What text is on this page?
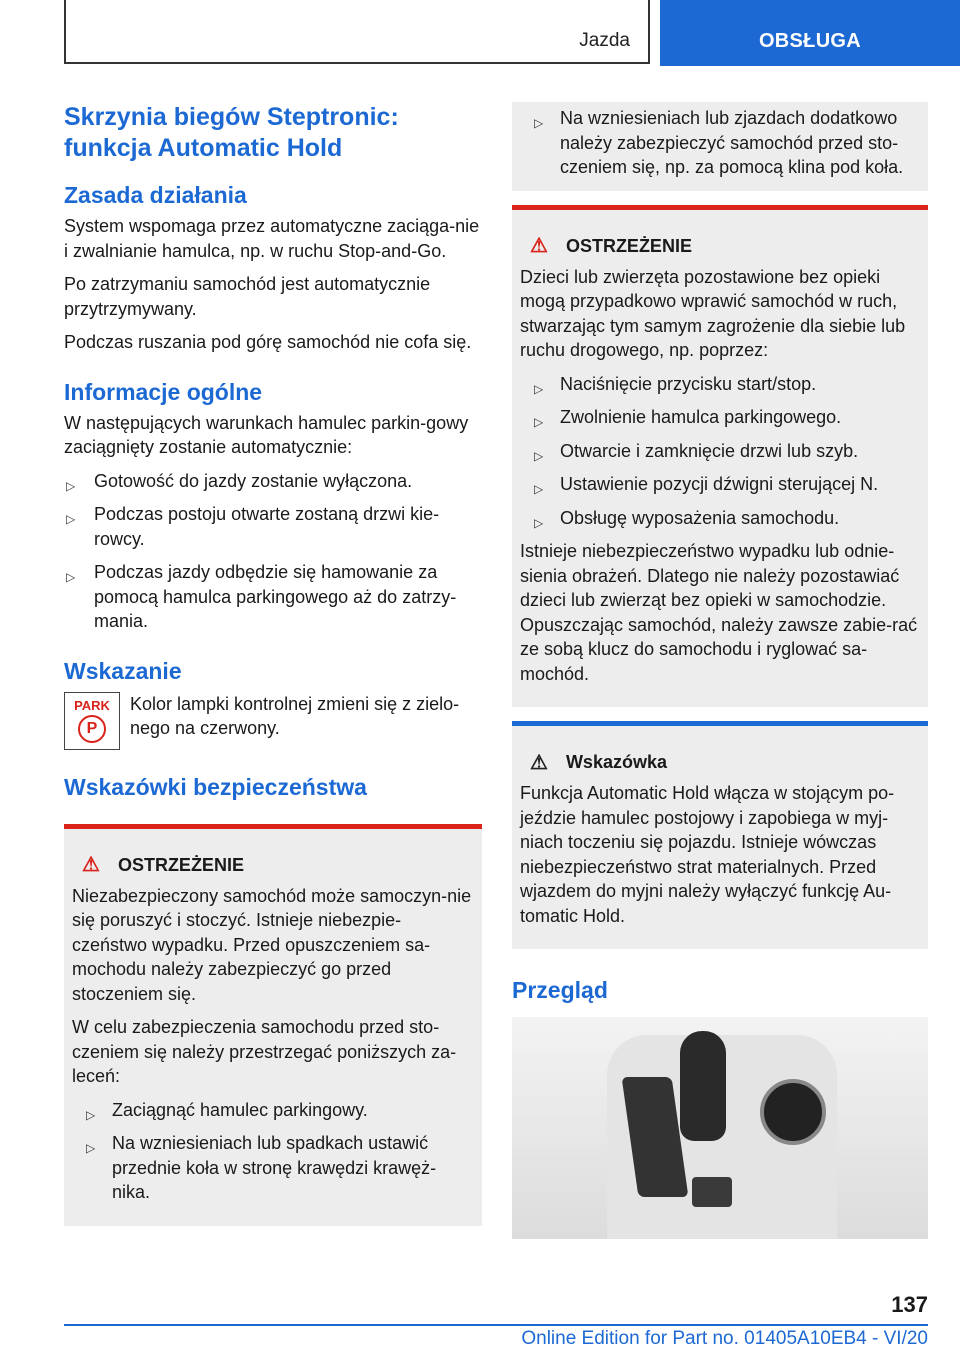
Jazda	OBSŁUGA
Skrzynia biegów Steptronic: funkcja Automatic Hold
Zasada działania

System wspomaga przez automatyczne zaciąga-nie i zwalnianie hamulca, np. w ruchu Stop-and-Go.

Po zatrzymaniu samochód jest automatycznie przytrzymywany.

Podczas ruszania pod górę samochód nie cofa się.

Informacje ogólne

W następujących warunkach hamulec parkin-gowy zaciągnięty zostanie automatycznie:

▷ Gotowość do jazdy zostanie wyłączona.
▷ Podczas postoju otwarte zostaną drzwi kie-rowcy.
▷ Podczas jazdy odbędzie się hamowanie za pomocą hamulca parkingowego aż do zatrzy-mania.
Wskazanie
PARK
P

Kolor lampki kontrolnej zmieni się z zielo-nego na czerwony.

Wskazówki bezpieczeństwa
⚠ OSTRZEŻENIE

Niezabezpieczony samochód może samoczyn-nie się poruszyć i stoczyć. Istnieje niebezpie-czeństwo wypadku. Przed opuszczeniem sa-mochodu należy zabezpieczyć go przed stoczeniem się.

W celu zabezpieczenia samochodu przed sto-czeniem się należy przestrzegać poniższych za-leceń:

▷ Zaciągnąć hamulec parkingowy.
▷ Na wzniesieniach lub spadkach ustawić przednie koła w stronę krawędzi krawęż-nika.
▷ Na wzniesieniach lub zjazdach dodatkowo należy zabezpieczyć samochód przed sto-czeniem się, np. za pomocą klina pod koła.
⚠ OSTRZEŻENIE

Dzieci lub zwierzęta pozostawione bez opieki mogą przypadkowo wprawić samochód w ruch, stwarzając tym samym zagrożenie dla siebie lub ruchu drogowego, np. poprzez:

▷ Naciśnięcie przycisku start/stop.
▷ Zwolnienie hamulca parkingowego.
▷ Otwarcie i zamknięcie drzwi lub szyb.
▷ Ustawienie pozycji dźwigni sterującej N.
▷ Obsługę wyposażenia samochodu.

Istnieje niebezpieczeństwo wypadku lub odnie-sienia obrażeń. Dlatego nie należy pozostawiać dzieci lub zwierząt bez opieki w samochodzie. Opuszczając samochód, należy zawsze zabie-rać ze sobą klucz do samochodu i ryglować sa-mochód.

⚠ Wskazówka

Funkcja Automatic Hold włącza w stojącym po-jeździe hamulec postojowy i zapobiega w myj-niach toczeniu się pojazdu. Istnieje wówczas niebezpieczeństwo strat materialnych. Przed wjazdem do myjni należy wyłączyć funkcję Au-tomatic Hold.

Przegląd
137
Online Edition for Part no. 01405A10EB4 - VI/20
